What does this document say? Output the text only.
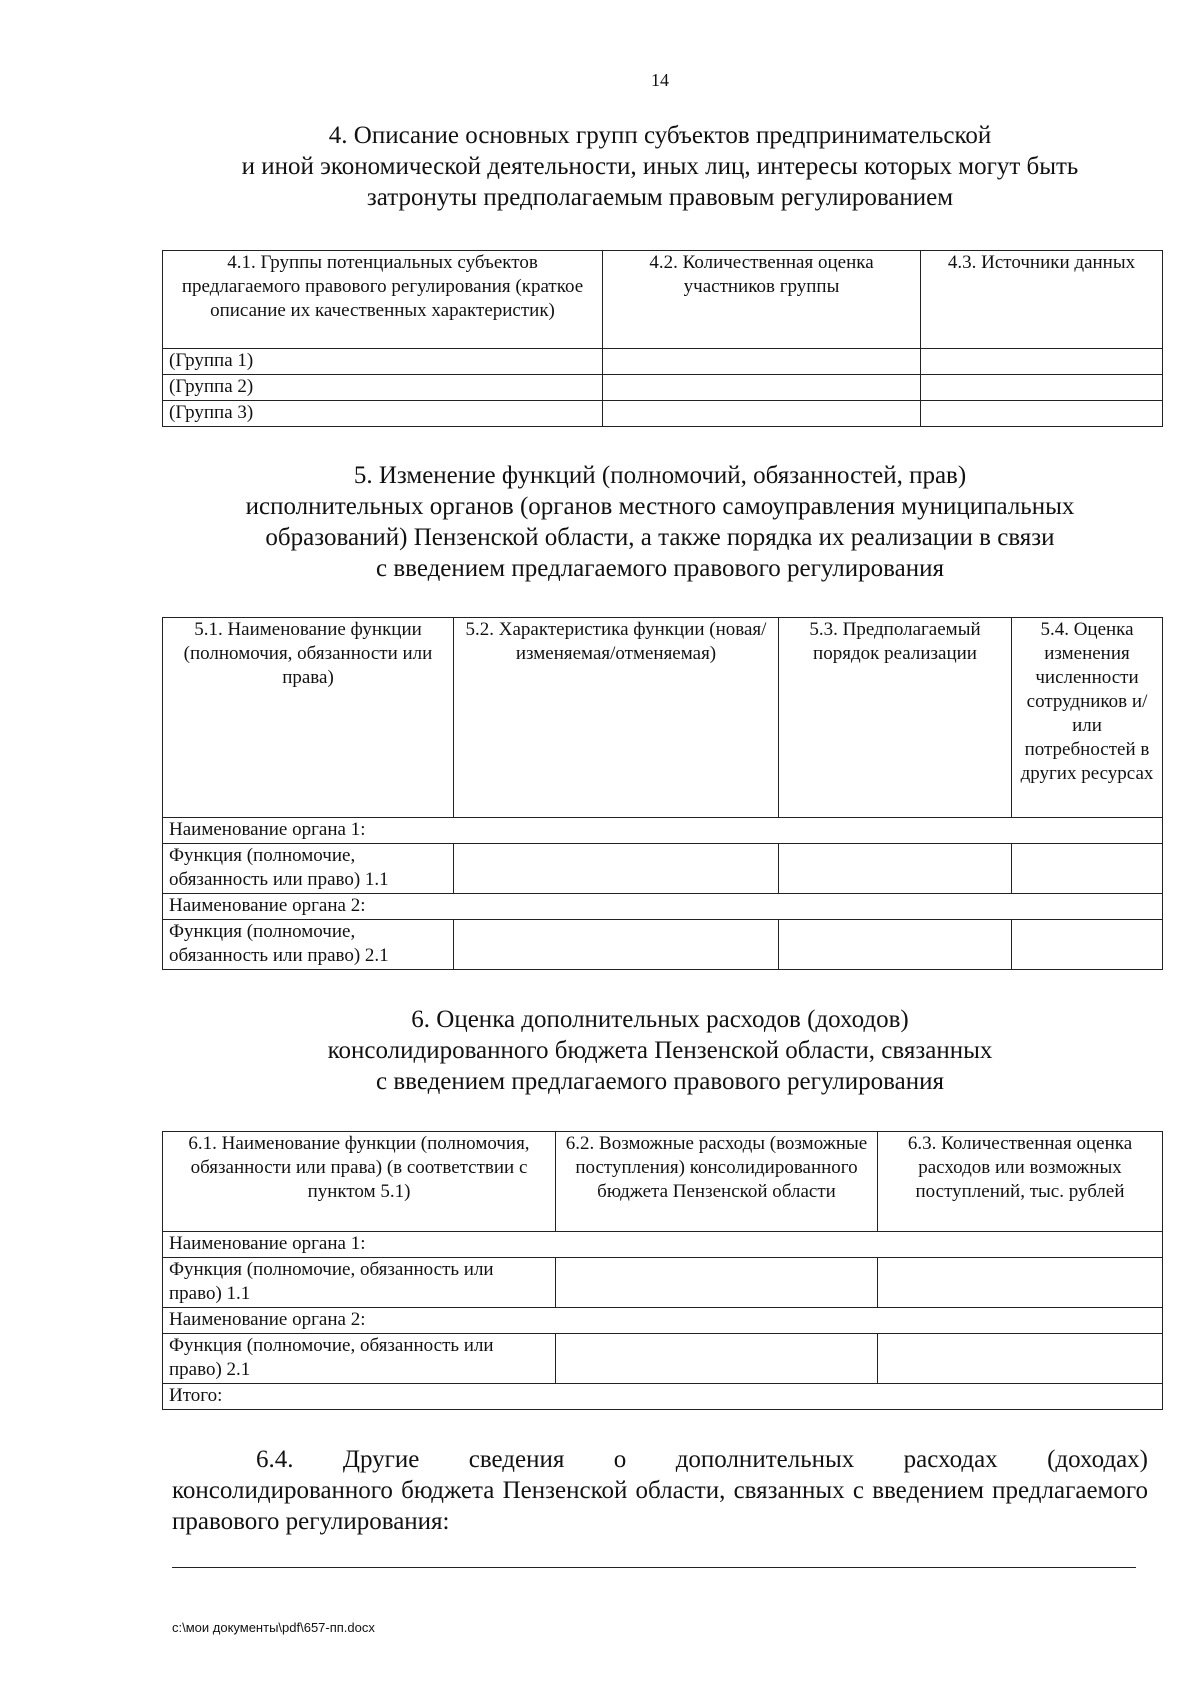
14
4. Описание основных групп субъектов предпринимательской
и иной экономической деятельности, иных лиц, интересы которых могут быть
затронуты предполагаемым правовым регулированием
4.1. Группы потенциальных субъектов предлагаемого правового регулирования (краткое описание их качественных характеристик)	4.2. Количественная оценка участников группы	4.3. Источники данных
(Группа 1)		
(Группа 2)		
(Группа 3)		
5. Изменение функций (полномочий, обязанностей, прав)
исполнительных органов (органов местного самоуправления муниципальных
образований) Пензенской области, а также порядка их реализации в связи
с введением предлагаемого правового регулирования
5.1. Наименование функции (полномочия, обязанности или права)	5.2. Характеристика функции (новая/изменяемая/отменяемая)	5.3. Предполагаемый порядок реализации	5.4. Оценка изменения численности сотрудников и/или потребностей в других ресурсах
Наименование органа 1:			
Функция (полномочие, обязанность или право) 1.1			
Наименование органа 2:			
Функция (полномочие, обязанность или право) 2.1			
6. Оценка дополнительных расходов (доходов)
консолидированного бюджета Пензенской области, связанных
с введением предлагаемого правового регулирования
6.1. Наименование функции (полномочия, обязанности или права) (в соответствии с пунктом 5.1)	6.2. Возможные расходы (возможные поступления) консолидированного бюджета Пензенской области	6.3. Количественная оценка расходов или возможных поступлений, тыс. рублей
Наименование органа 1:		
Функция (полномочие, обязанность или право) 1.1		
Наименование органа 2:		
Функция (полномочие, обязанность или право) 2.1		
Итого:		
6.4. Другие сведения о дополнительных расходах (доходах)
консолидированного бюджета Пензенской области, связанных с введением предлагаемого правового регулирования:
c:\мои документы\pdf\657-пп.docx
